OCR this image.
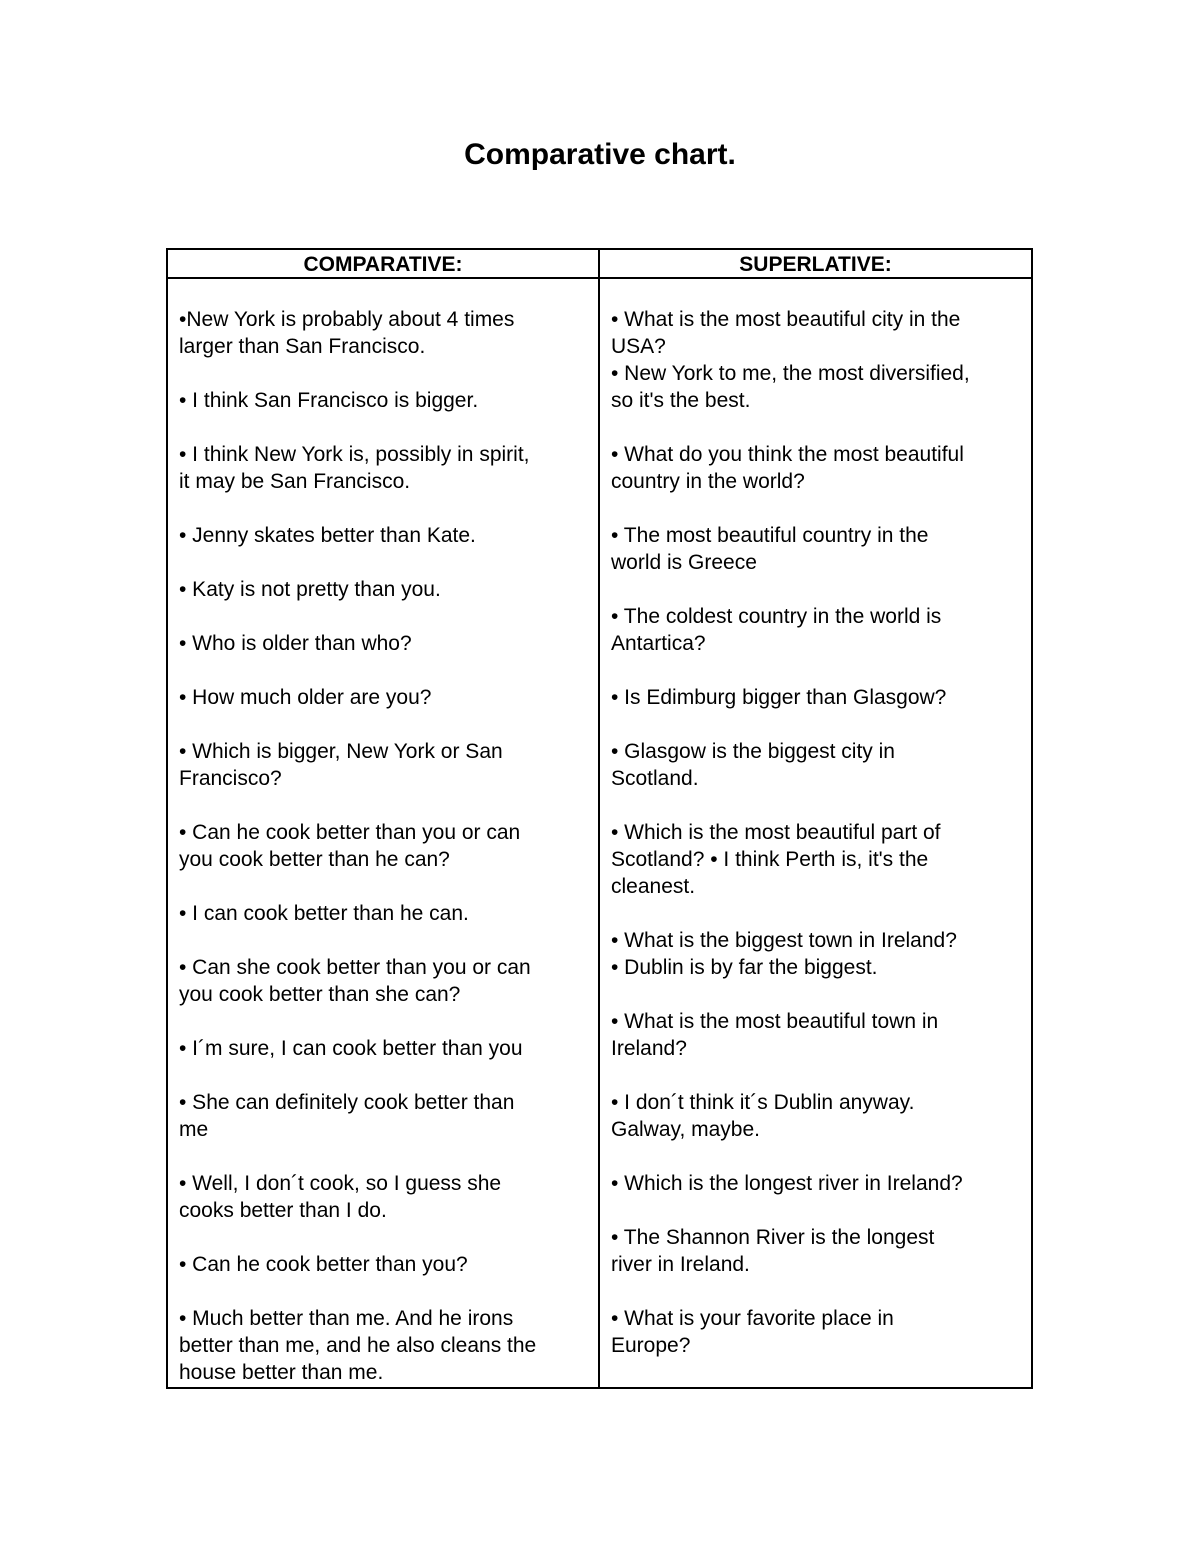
Comparative chart.
COMPARATIVE:	SUPERLATIVE:

•New York is probably about 4 times
larger than San Francisco.

• I think San Francisco is bigger.

• I think New York is, possibly in spirit,
it may be San Francisco.

• Jenny skates better than Kate.

• Katy is not pretty than you.

• Who is older than who?

• How much older are you?

• Which is bigger, New York or San
Francisco?

• Can he cook better than you or can
you cook better than he can?

• I can cook better than he can.

• Can she cook better than you or can
you cook better than she can?

• I´m sure, I can cook better than you

• She can definitely cook better than
me

• Well, I don´t cook, so I guess she
cooks better than I do.

• Can he cook better than you?

• Much better than me. And he irons
better than me, and he also cleans the
house better than me.

• What is the most beautiful city in the
USA?
• New York to me, the most diversified,
so it's the best.

• What do you think the most beautiful
country in the world?

• The most beautiful country in the
world is Greece

• The coldest country in the world is
Antartica?

• Is Edimburg bigger than Glasgow?

• Glasgow is the biggest city in
Scotland.

• Which is the most beautiful part of
Scotland? • I think Perth is, it's the
cleanest.

• What is the biggest town in Ireland?
• Dublin is by far the biggest.

• What is the most beautiful town in
Ireland?

• I don´t think it´s Dublin anyway.
Galway, maybe.

• Which is the longest river in Ireland?

• The Shannon River is the longest
river in Ireland.

• What is your favorite place in
Europe?
